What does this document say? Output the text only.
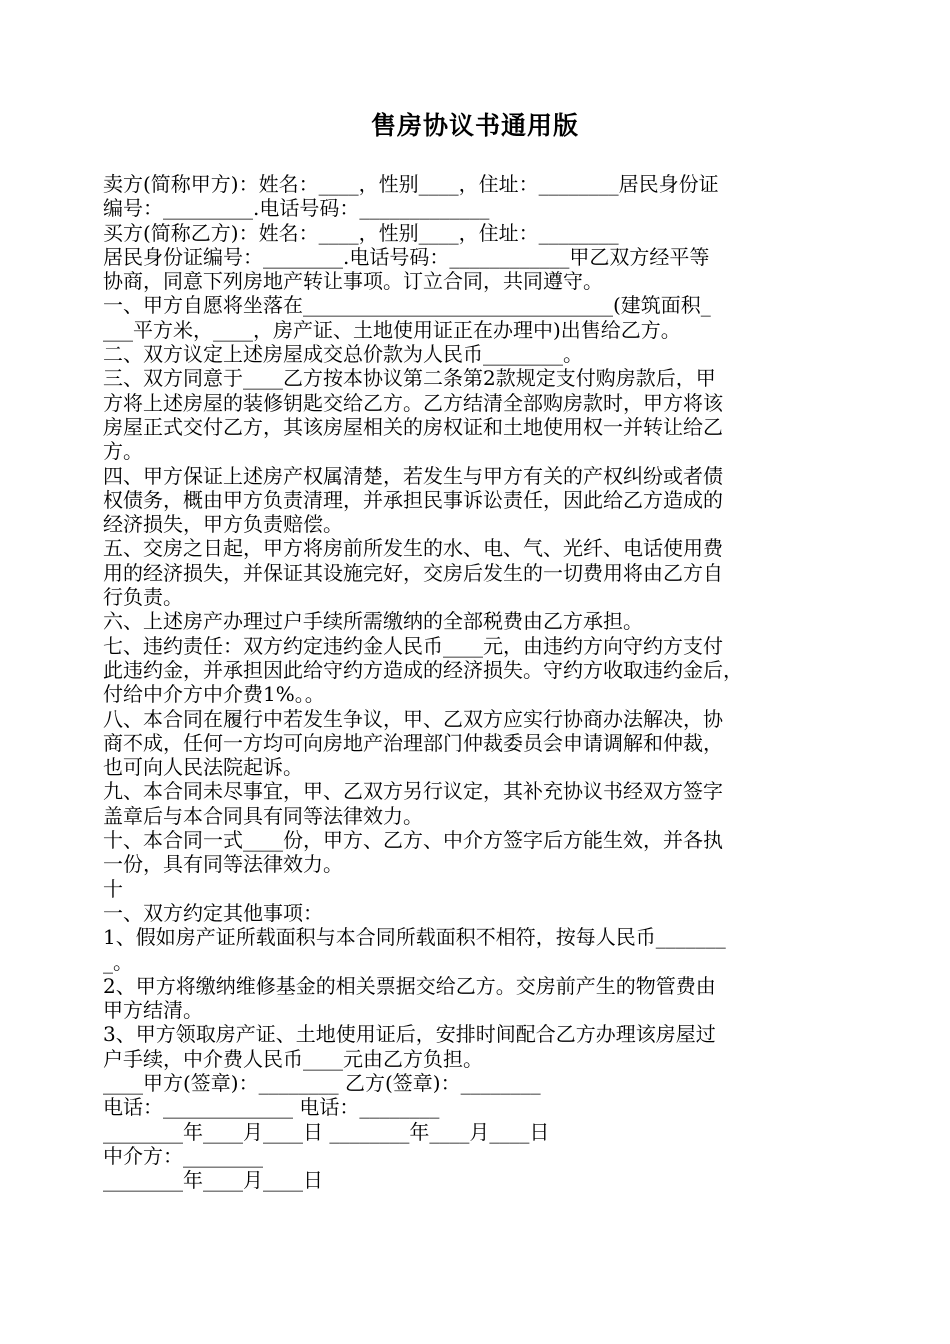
售房协议书通用版
卖方(简称甲方)：姓名：____，性别____，住址：________居民身份证
编号：_________.电话号码：_____________
买方(简称乙方)：姓名：____，性别____，住址：________
居民身份证编号：________.电话号码：____________甲乙双方经平等
协商，同意下列房地产转让事项。订立合同，共同遵守。
一、甲方自愿将坐落在_______________________________(建筑面积_
___平方米，____，房产证、土地使用证正在办理中)出售给乙方。
二、双方议定上述房屋成交总价款为人民币________。
三、双方同意于____乙方按本协议第二条第2款规定支付购房款后，甲
方将上述房屋的装修钥匙交给乙方。乙方结清全部购房款时，甲方将该
房屋正式交付乙方，其该房屋相关的房权证和土地使用权一并转让给乙
方。
四、甲方保证上述房产权属清楚，若发生与甲方有关的产权纠纷或者债
权债务，概由甲方负责清理，并承担民事诉讼责任，因此给乙方造成的
经济损失，甲方负责赔偿。
五、交房之日起，甲方将房前所发生的水、电、气、光纤、电话使用费
用的经济损失，并保证其设施完好，交房后发生的一切费用将由乙方自
行负责。
六、上述房产办理过户手续所需缴纳的全部税费由乙方承担。
七、违约责任：双方约定违约金人民币____元，由违约方向守约方支付
此违约金，并承担因此给守约方造成的经济损失。守约方收取违约金后，
付给中介方中介费1%。。
八、本合同在履行中若发生争议，甲、乙双方应实行协商办法解决，协
商不成，任何一方均可向房地产治理部门仲裁委员会申请调解和仲裁，
也可向人民法院起诉。
九、本合同未尽事宜，甲、乙双方另行议定，其补充协议书经双方签字
盖章后与本合同具有同等法律效力。
十、本合同一式____份，甲方、乙方、中介方签字后方能生效，并各执
一份，具有同等法律效力。
十
一、双方约定其他事项：
1、假如房产证所载面积与本合同所载面积不相符，按每人民币_______
_。
2、甲方将缴纳维修基金的相关票据交给乙方。交房前产生的物管费由
甲方结清。
3、甲方领取房产证、土地使用证后，安排时间配合乙方办理该房屋过
户手续，中介费人民币____元由乙方负担。
____甲方(签章)：________ 乙方(签章)：________
电话：_____________ 电话：________
________年____月____日 ________年____月____日
中介方：________
________年____月____日
